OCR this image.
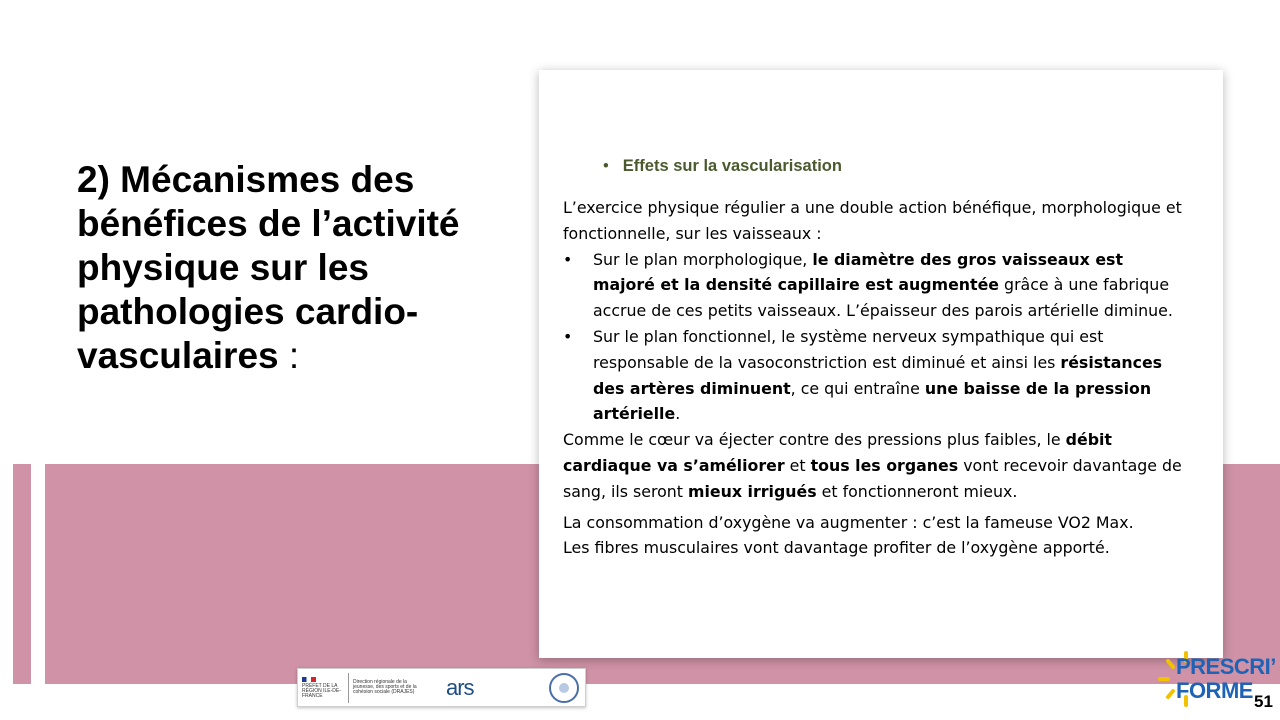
2) Mécanismes des bénéfices de l’activité physique sur les pathologies cardio-vasculaires :

• Effets sur la vascularisation

L’exercice physique régulier a une double action bénéfique, morphologique et fonctionnelle, sur les vaisseaux :

• Sur le plan morphologique, le diamètre des gros vaisseaux est majoré et la densité capillaire est augmentée grâce à une fabrique accrue de ces petits vaisseaux. L’épaisseur des parois artérielle diminue.
• Sur le plan fonctionnel, le système nerveux sympathique qui est responsable de la vasoconstriction est diminué et ainsi les résistances des artères diminuent, ce qui entraîne une baisse de la pression artérielle.

Comme le cœur va éjecter contre des pressions plus faibles, le débit cardiaque va s’améliorer et tous les organes vont recevoir davantage de sang, ils seront mieux irrigués et fonctionneront mieux.

La consommation d’oxygène va augmenter : c’est la fameuse VO2 Max.

Les fibres musculaires vont davantage profiter de l’oxygène apporté.

PRÉFET DE LA RÉGION ILE-DE-FRANCE
Direction régionale de la jeunesse, des sports et de la cohésion sociale (DRAJES)	ars
PRESCRI’
FORME 51
